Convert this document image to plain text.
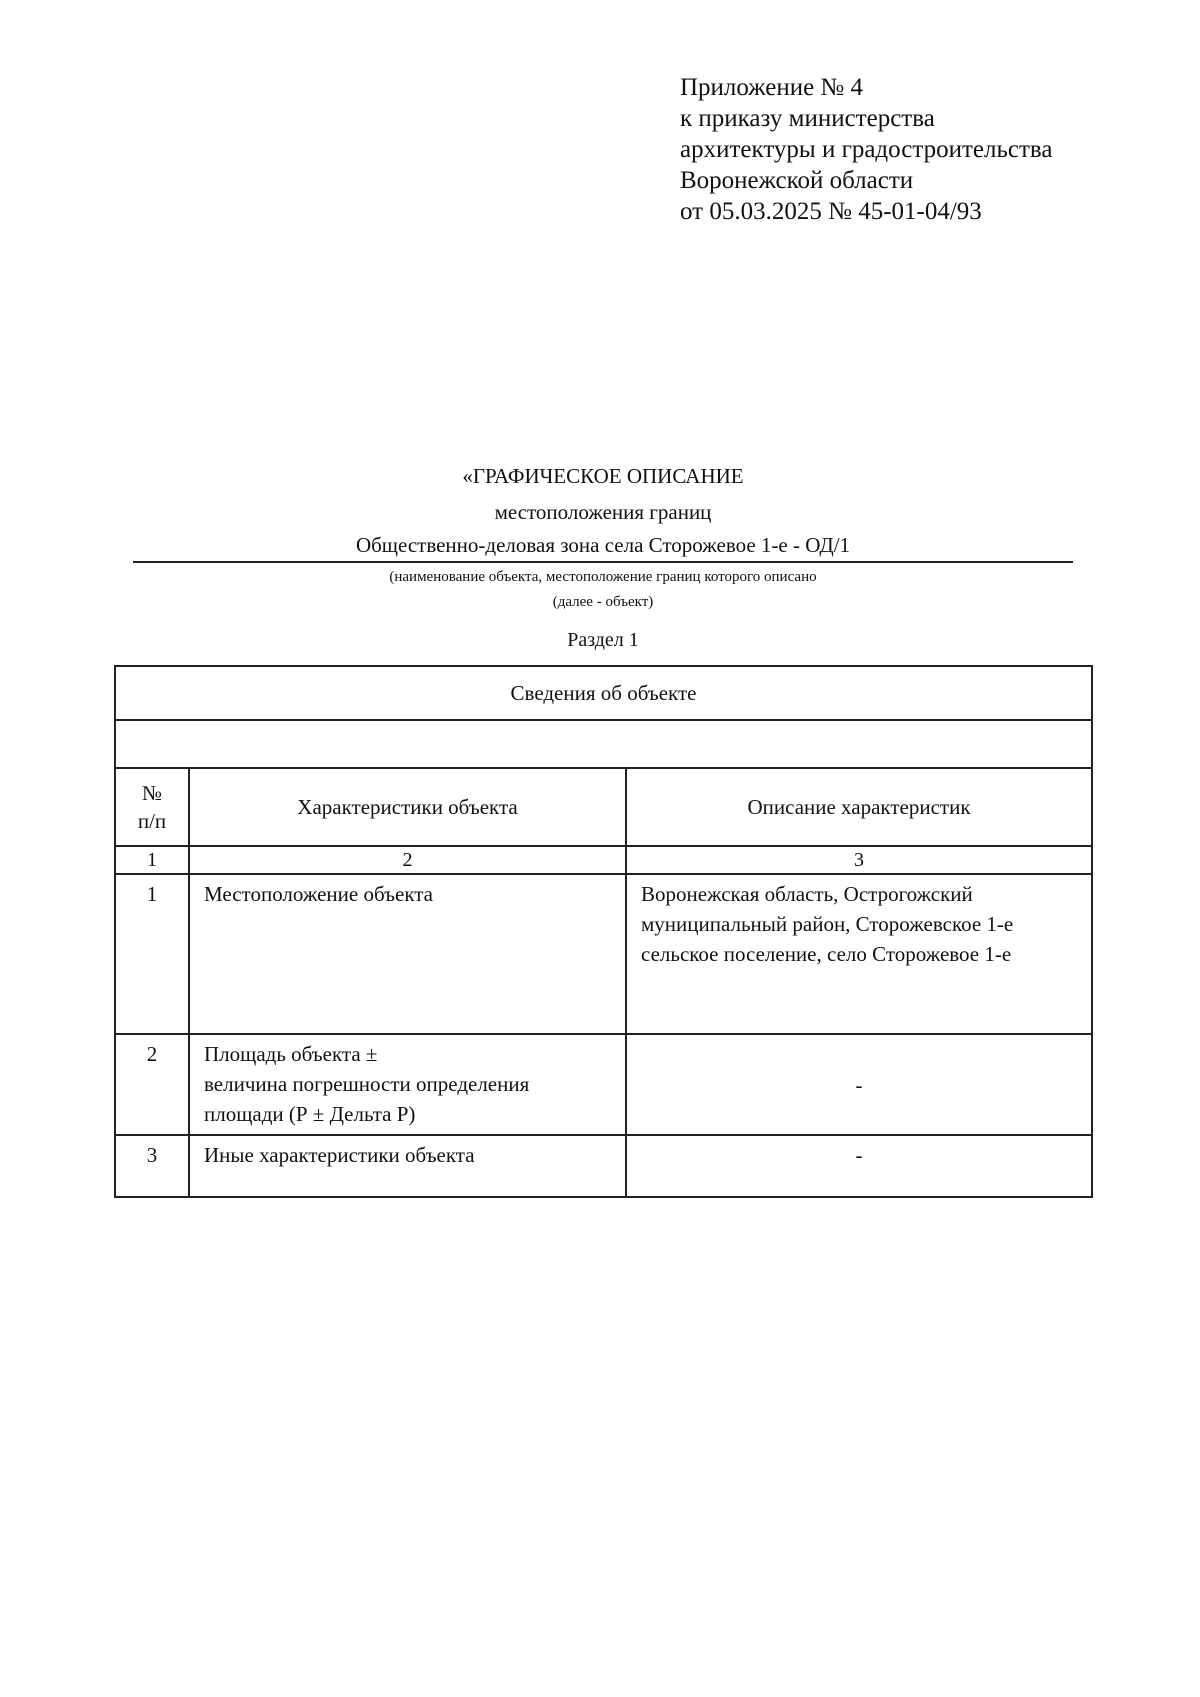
Приложение № 4
к приказу министерства
архитектуры и градостроительства
Воронежской области
от 05.03.2025 № 45-01-04/93
«ГРАФИЧЕСКОЕ ОПИСАНИЕ
местоположения границ
Общественно-деловая зона села Сторожевое 1-е - ОД/1
(наименование объекта, местоположение границ которого описано
(далее - объект)
Раздел 1
Сведения об объекте		

№
п/п	Характеристики объекта	Описание характеристик
1	2	3
1	Местоположение объекта	Воронежская область, Острогожский
муниципальный район, Сторожевское 1-е
сельское поселение, село Сторожевое 1-е

2	Площадь объекта ±
величина погрешности определения
площади (Р ± Дельта Р)	-
3	Иные характеристики объекта	-
